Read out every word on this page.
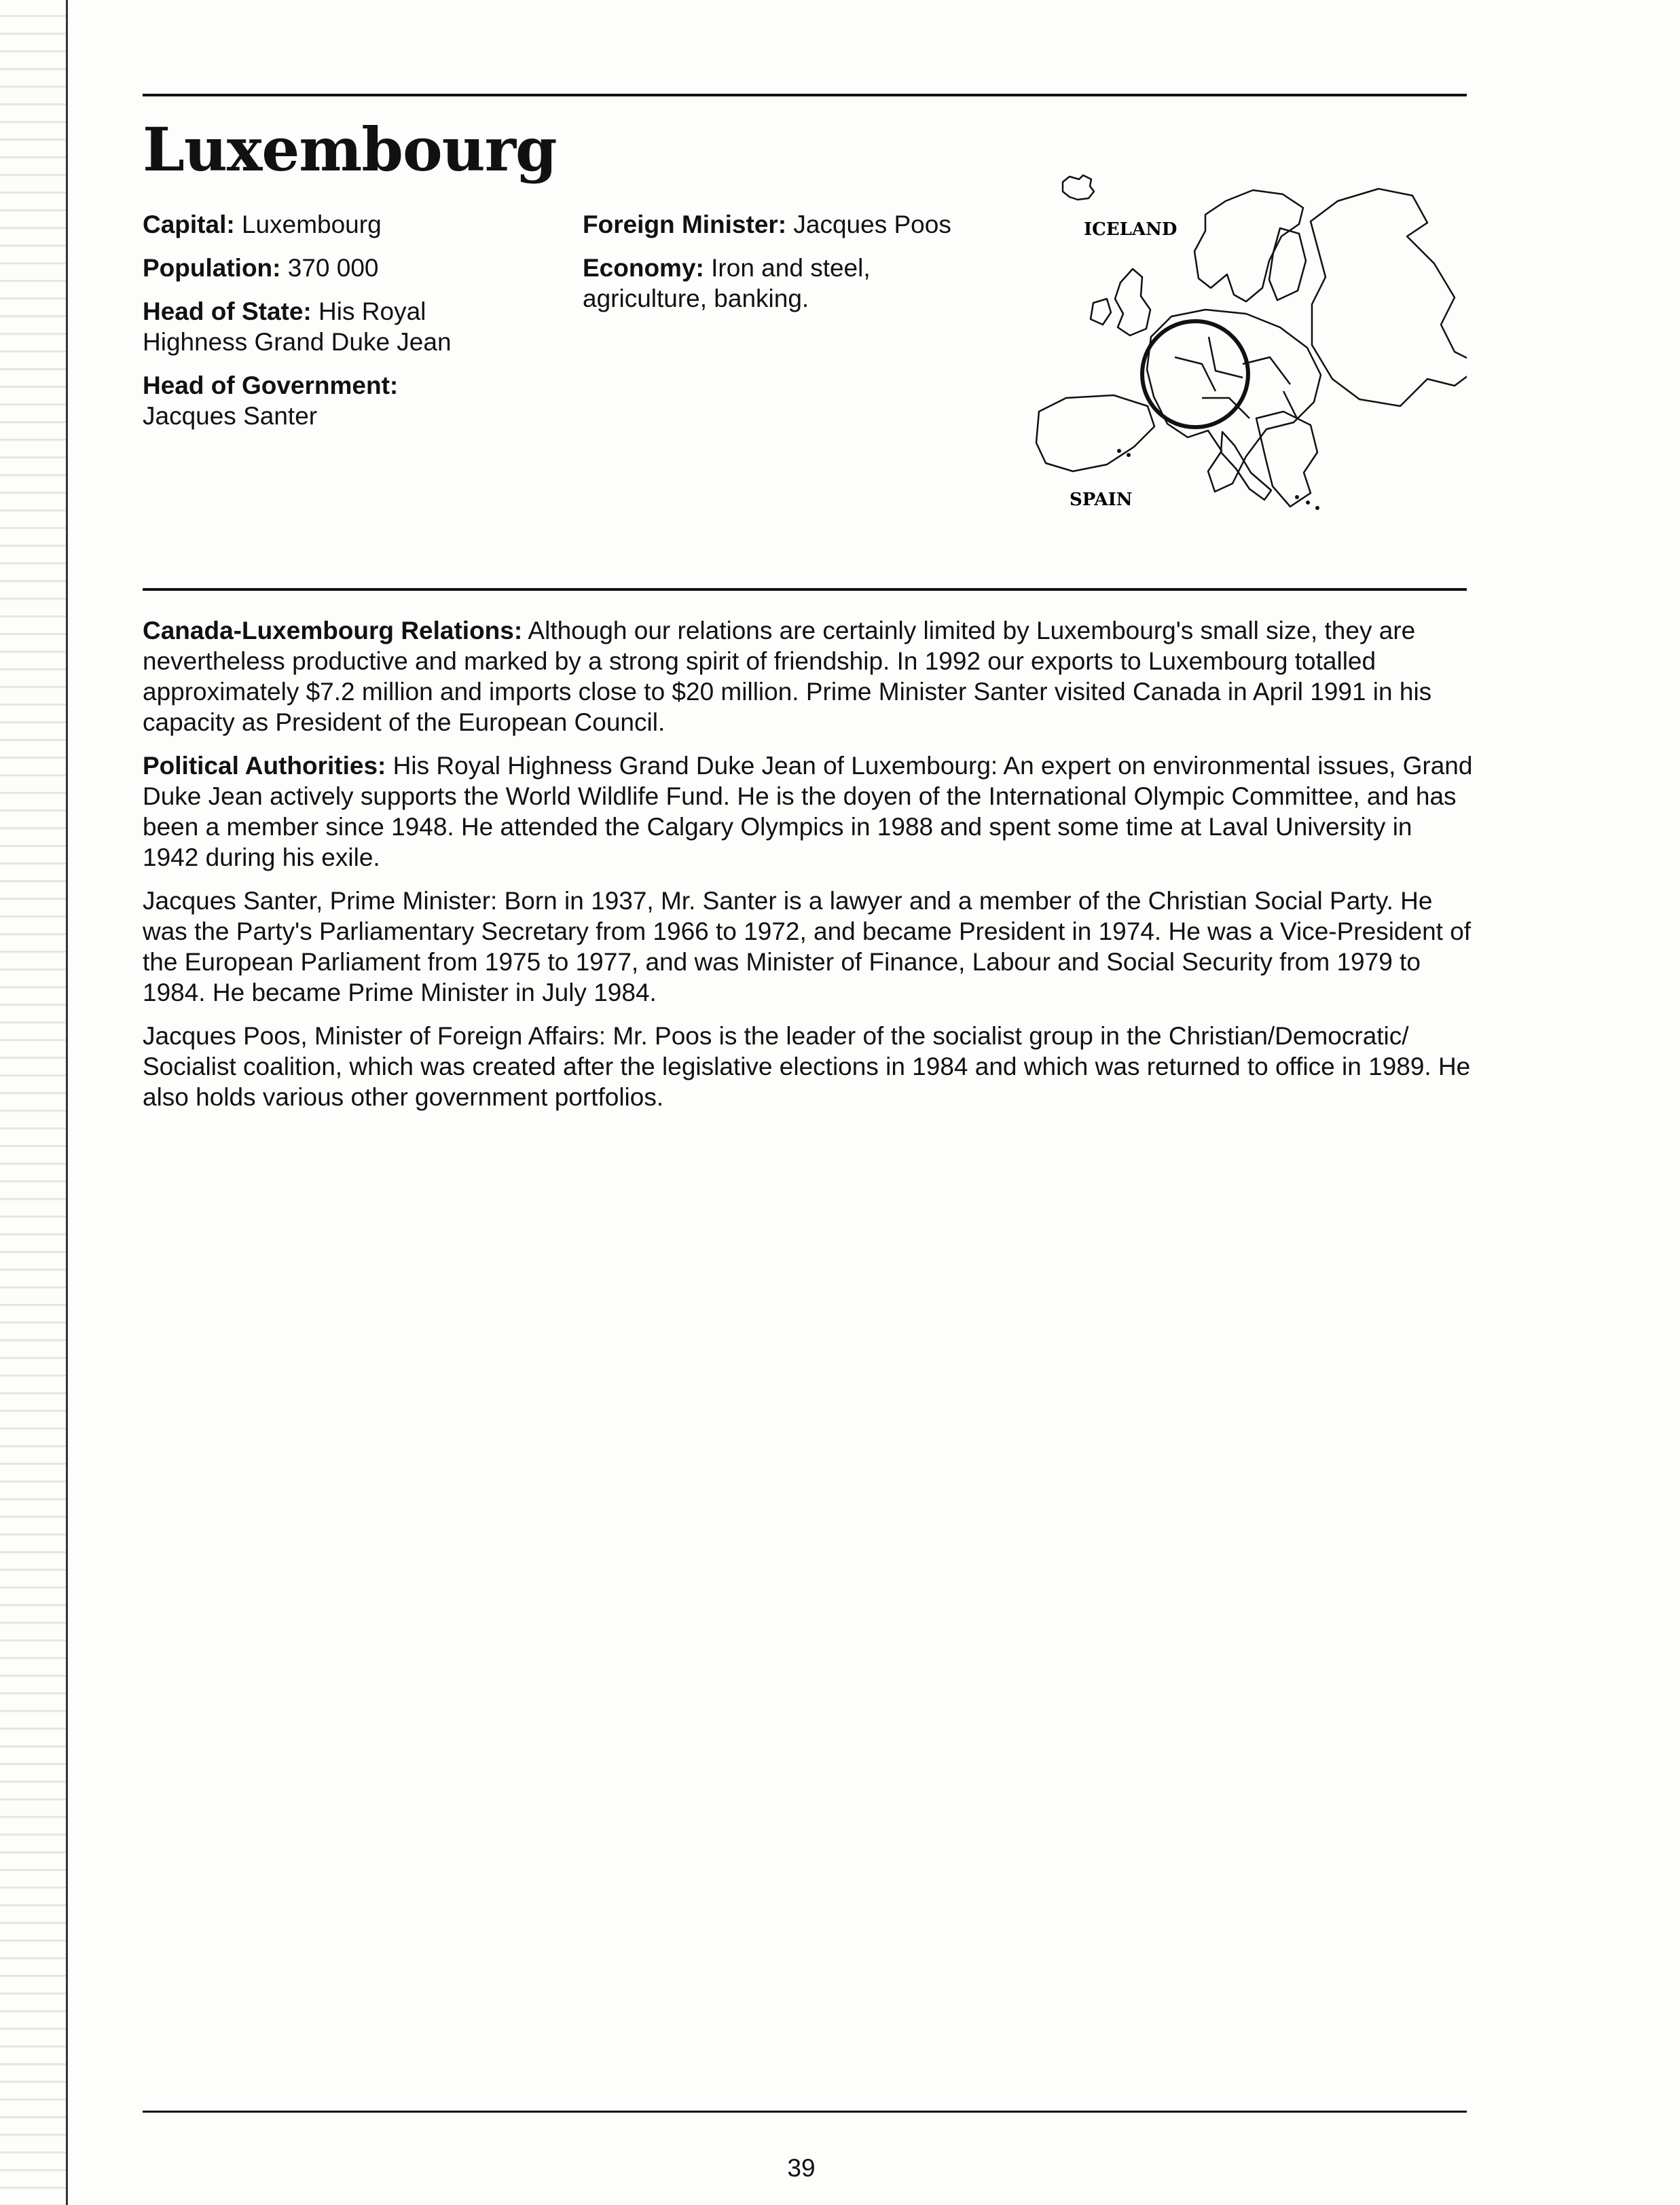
Luxembourg

Capital: Luxembourg

Population: 370 000

Head of State: His Royal Highness Grand Duke Jean

Head of Government:
Jacques Santer

Foreign Minister: Jacques Poos

Economy: Iron and steel, agriculture, banking.

ICELAND
SPAIN

Canada-Luxembourg Relations: Although our relations are certainly limited by Luxembourg's small size, they are nevertheless productive and marked by a strong spirit of friendship. In 1992 our exports to Luxembourg totalled approximately $7.2 million and imports close to $20 million. Prime Minister Santer visited Canada in April 1991 in his capacity as President of the European Council.

Political Authorities: His Royal Highness Grand Duke Jean of Luxembourg: An expert on environmental issues, Grand Duke Jean actively supports the World Wildlife Fund. He is the doyen of the International Olympic Committee, and has been a member since 1948. He attended the Calgary Olympics in 1988 and spent some time at Laval University in 1942 during his exile.

Jacques Santer, Prime Minister: Born in 1937, Mr. Santer is a lawyer and a member of the Christian Social Party. He was the Party's Parliamentary Secretary from 1966 to 1972, and became President in 1974. He was a Vice-President of the European Parliament from 1975 to 1977, and was Minister of Finance, Labour and Social Security from 1979 to 1984. He became Prime Minister in July 1984.

Jacques Poos, Minister of Foreign Affairs: Mr. Poos is the leader of the socialist group in the Christian/Democratic/ Socialist coalition, which was created after the legislative elections in 1984 and which was returned to office in 1989. He also holds various other government portfolios.

39
